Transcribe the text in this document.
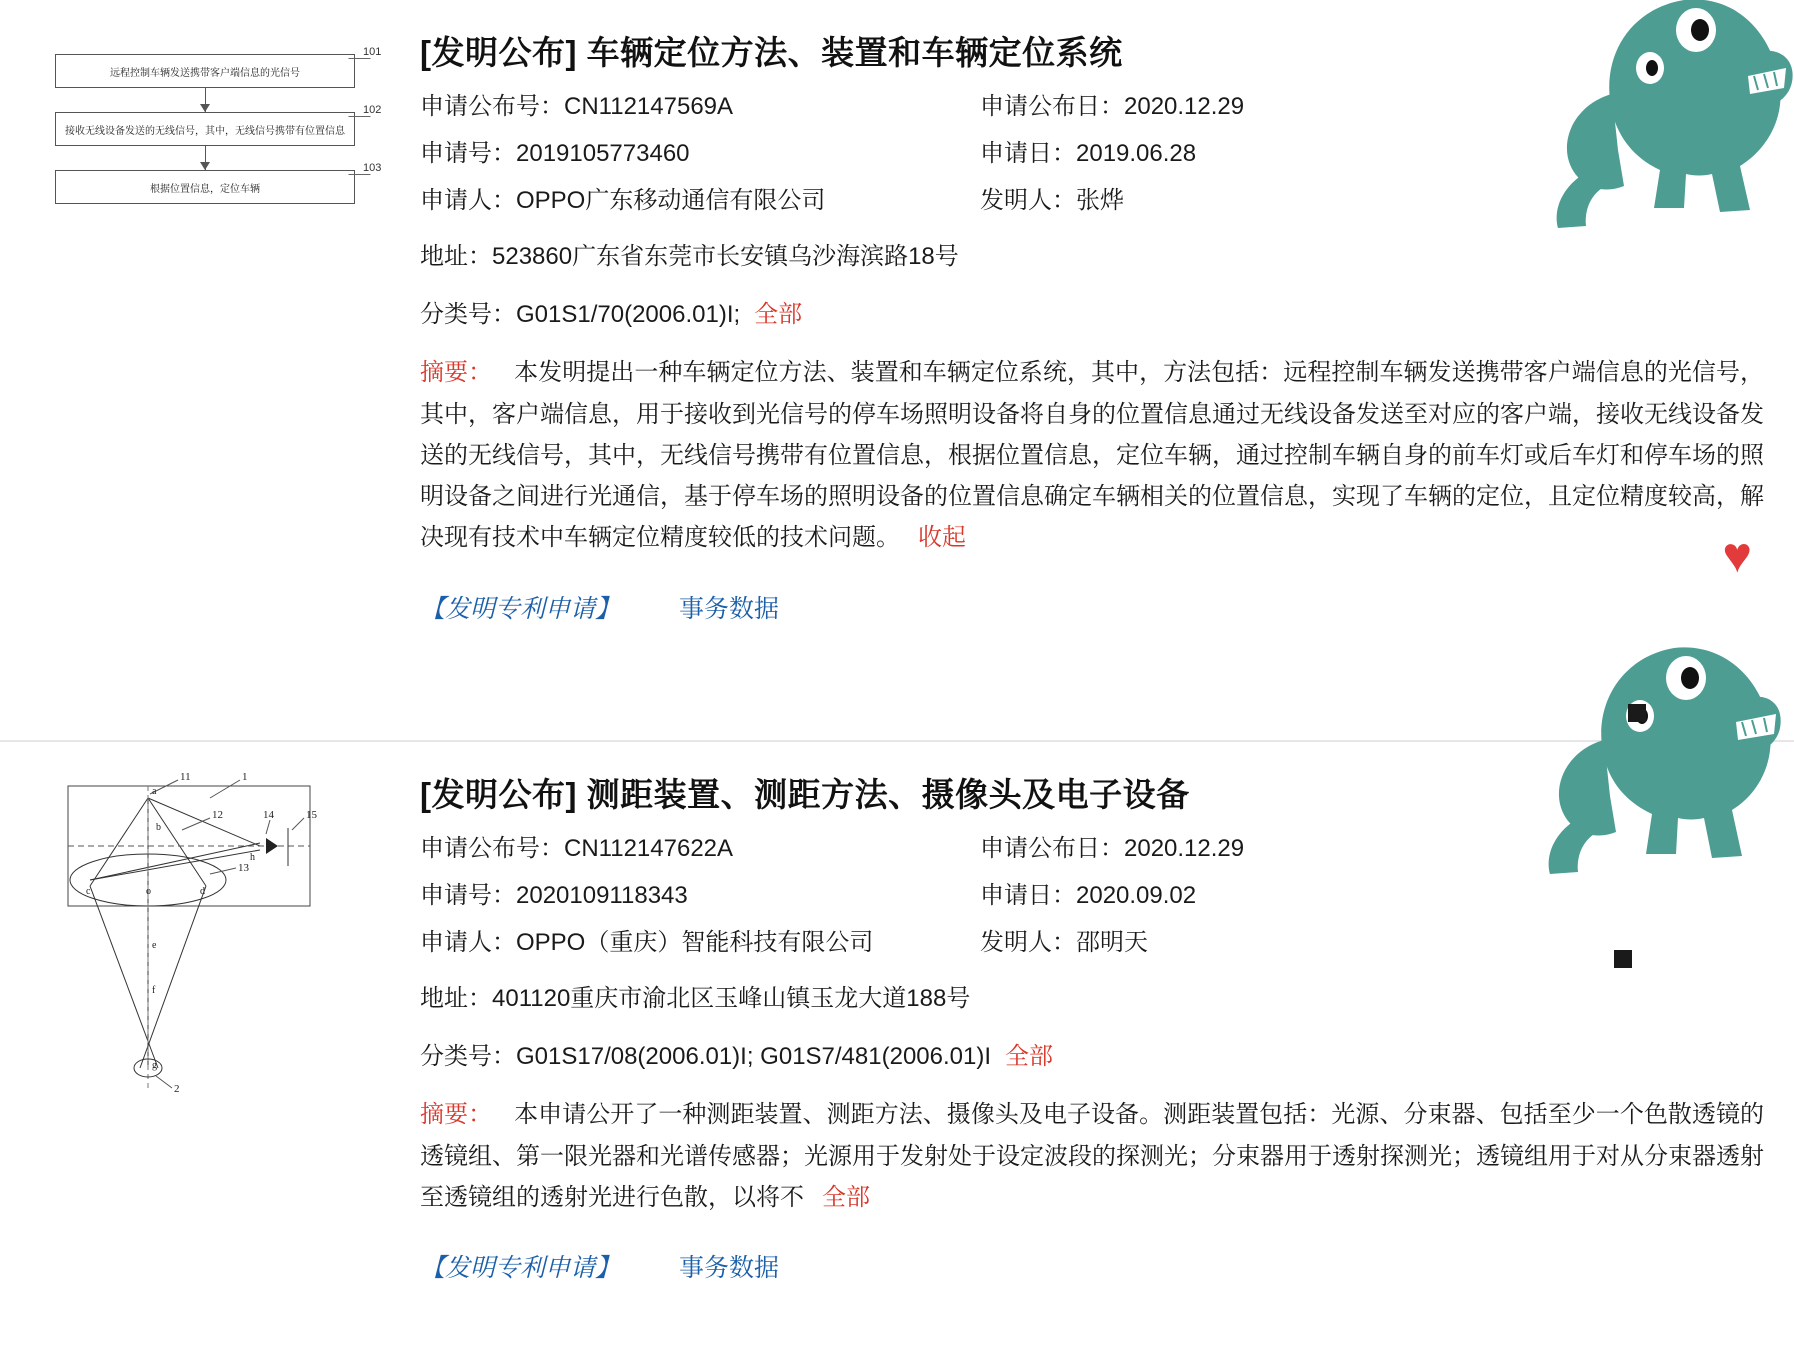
远程控制车辆发送携带客户端信息的光信号
接收无线设备发送的无线信号，其中，无线信号携带有位置信息
根据位置信息，定位车辆
101
102
103
[发明公布] 车辆定位方法、装置和车辆定位系统
申请公布号：CN112147569A	申请公布日：2020.12.29
申请号：2019105773460	申请日：2019.06.28
申请人：OPPO广东移动通信有限公司	发明人：张烨
地址：523860广东省东莞市长安镇乌沙海滨路18号
分类号：G01S1/70(2006.01)I; 全部
摘要： 本发明提出一种车辆定位方法、装置和车辆定位系统，其中，方法包括：远程控制车辆发送携带客户端信息的光信号，其中，客户端信息，用于接收到光信号的停车场照明设备将自身的位置信息通过无线设备发送至对应的客户端，接收无线设备发送的无线信号，其中，无线信号携带有位置信息，根据位置信息，定位车辆，通过控制车辆自身的前车灯或后车灯和停车场的照明设备之间进行光通信，基于停车场的照明设备的位置信息确定车辆相关的位置信息，实现了车辆的定位，且定位精度较高，解决现有技术中车辆定位精度较低的技术问题。 收起
【发明专利申请】 事务数据
1
2
11
12
13
14	15
a
b
c	d
e
f
g
h
o
[发明公布] 测距装置、测距方法、摄像头及电子设备
申请公布号：CN112147622A	申请公布日：2020.12.29
申请号：2020109118343	申请日：2020.09.02
申请人：OPPO（重庆）智能科技有限公司	发明人：邵明天
地址：401120重庆市渝北区玉峰山镇玉龙大道188号
分类号：G01S17/08(2006.01)I; G01S7/481(2006.01)I 全部
摘要： 本申请公开了一种测距装置、测距方法、摄像头及电子设备。测距装置包括：光源、分束器、包括至少一个色散透镜的透镜组、第一限光器和光谱传感器；光源用于发射处于设定波段的探测光；分束器用于透射探测光；透镜组用于对从分束器透射至透镜组的透射光进行色散，以将不 全部
【发明专利申请】 事务数据
♥
